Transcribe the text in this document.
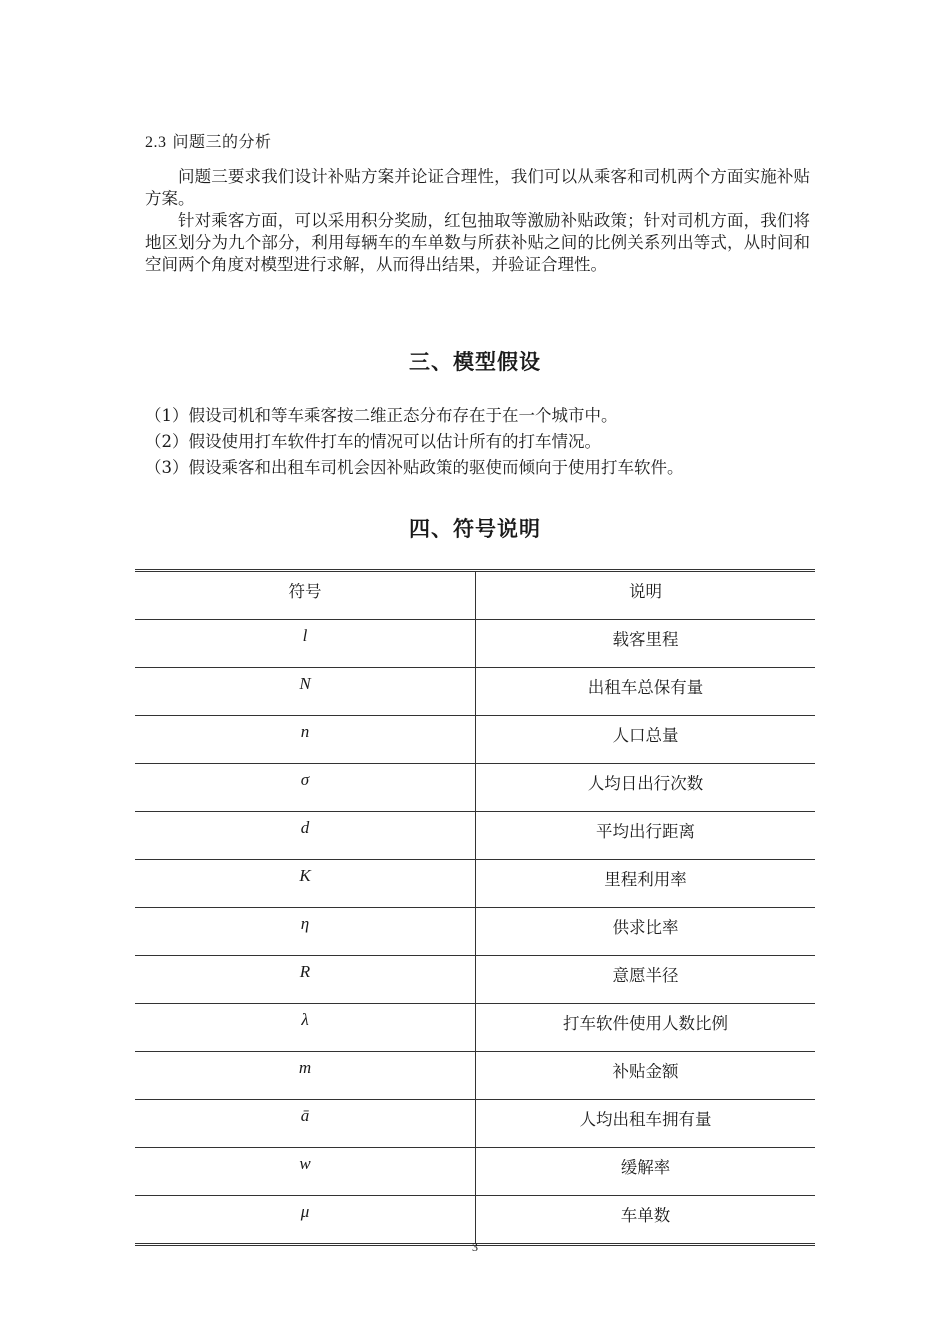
2.3 问题三的分析

问题三要求我们设计补贴方案并论证合理性，我们可以从乘客和司机两个方面实施补贴方案。

针对乘客方面，可以采用积分奖励，红包抽取等激励补贴政策；针对司机方面，我们将地区划分为九个部分，利用每辆车的车单数与所获补贴之间的比例关系列出等式，从时间和空间两个角度对模型进行求解，从而得出结果，并验证合理性。

三、模型假设
（1）假设司机和等车乘客按二维正态分布存在于在一个城市中。
（2）假设使用打车软件打车的情况可以估计所有的打车情况。
（3）假设乘客和出租车司机会因补贴政策的驱使而倾向于使用打车软件。
四、符号说明
符号	说明
l	载客里程
N	出租车总保有量
n	人口总量
σ	人均日出行次数
d	平均出行距离
K	里程利用率
η	供求比率
R	意愿半径
λ	打车软件使用人数比例
m	补贴金额
ā	人均出租车拥有量
w	缓解率
μ	车单数
3
